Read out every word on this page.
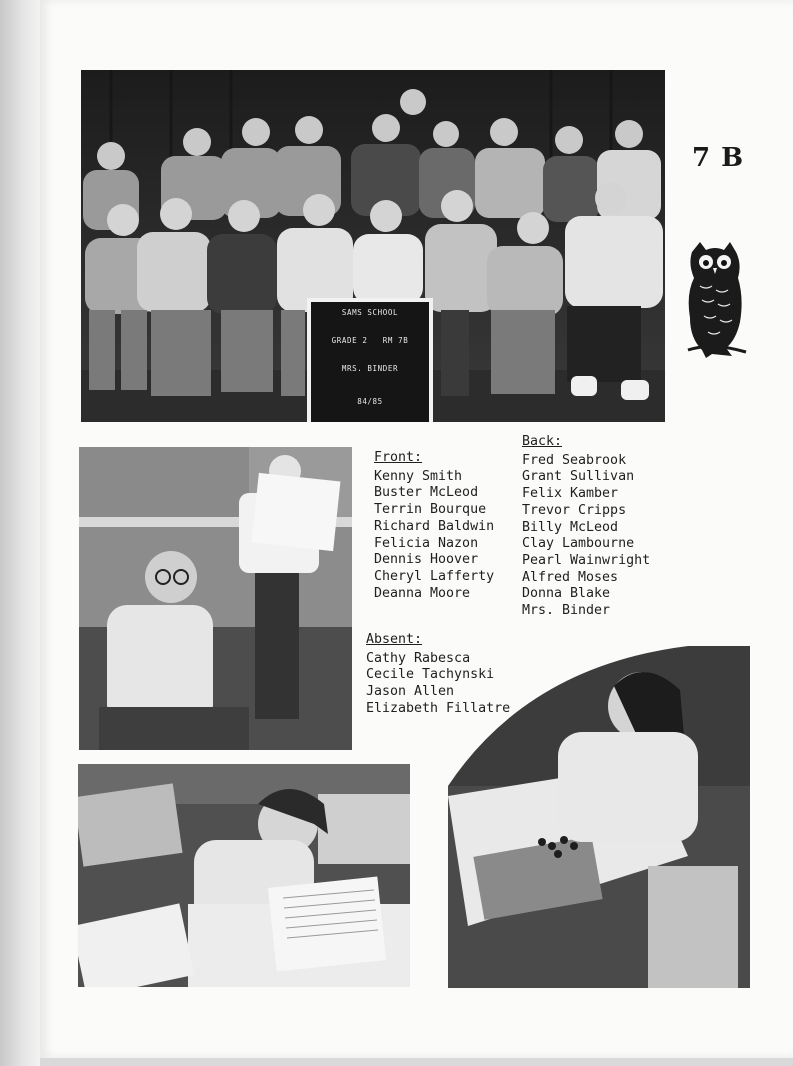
SAMS SCHOOL
GRADE 2   RM 7B
MRS. BINDER
84/85
7 B
Front:
Kenny Smith
Buster McLeod
Terrin Bourque
Richard Baldwin
Felicia Nazon
Dennis Hoover
Cheryl Lafferty
Deanna Moore
Back:
Fred Seabrook
Grant Sullivan
Felix Kamber
Trevor Cripps
Billy McLeod
Clay Lambourne
Pearl Wainwright
Alfred Moses
Donna Blake
Mrs. Binder
Absent:
Cathy Rabesca
Cecile Tachynski
Jason Allen
Elizabeth Fillatre
